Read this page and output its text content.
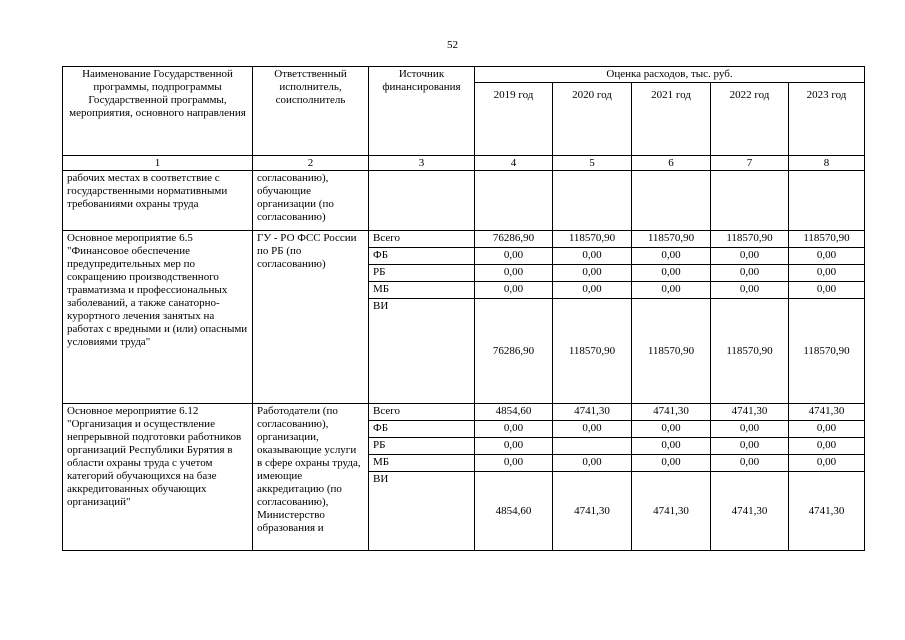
52
Наименование Государственной программы, подпрограммы Государственной программы, мероприятия, основного направления	Ответственный исполнитель, соисполнитель	Источник финансирования	Оценка расходов, тыс. руб.				
			2019 год	2020 год	2021 год	2022 год	2023 год
1	2	3	4	5	6	7	8
рабочих местах в соответствие с государственными нормативными требованиями охраны труда	согласованию), обучающие организации (по согласованию)						
Основное мероприятие 6.5 "Финансовое обеспечение предупредительных мер по сокращению производственного травматизма и профессиональных заболеваний, а также санаторно-курортного лечения занятых на работах с вредными и (или) опасными условиями труда"	ГУ - РО ФСС России по РБ (по согласованию)	Всего	76286,90	118570,90	118570,90	118570,90	118570,90
		ФБ	0,00	0,00	0,00	0,00	0,00
		РБ	0,00	0,00	0,00	0,00	0,00
		МБ	0,00	0,00	0,00	0,00	0,00
		ВИ	76286,90	118570,90	118570,90	118570,90	118570,90
Основное мероприятие 6.12 "Организация и осуществление непрерывной подготовки работников организаций Республики Бурятия в области охраны труда с учетом категорий обучающихся на базе аккредитованных обучающих организаций"	Работодатели (по согласованию), организации, оказывающие услуги в сфере охраны труда, имеющие аккредитацию (по согласованию), Министерство образования и	Всего	4854,60	4741,30	4741,30	4741,30	4741,30
		ФБ	0,00	0,00	0,00	0,00	0,00
		РБ	0,00		0,00	0,00	0,00
		МБ	0,00	0,00	0,00	0,00	0,00
		ВИ	4854,60	4741,30	4741,30	4741,30	4741,30
